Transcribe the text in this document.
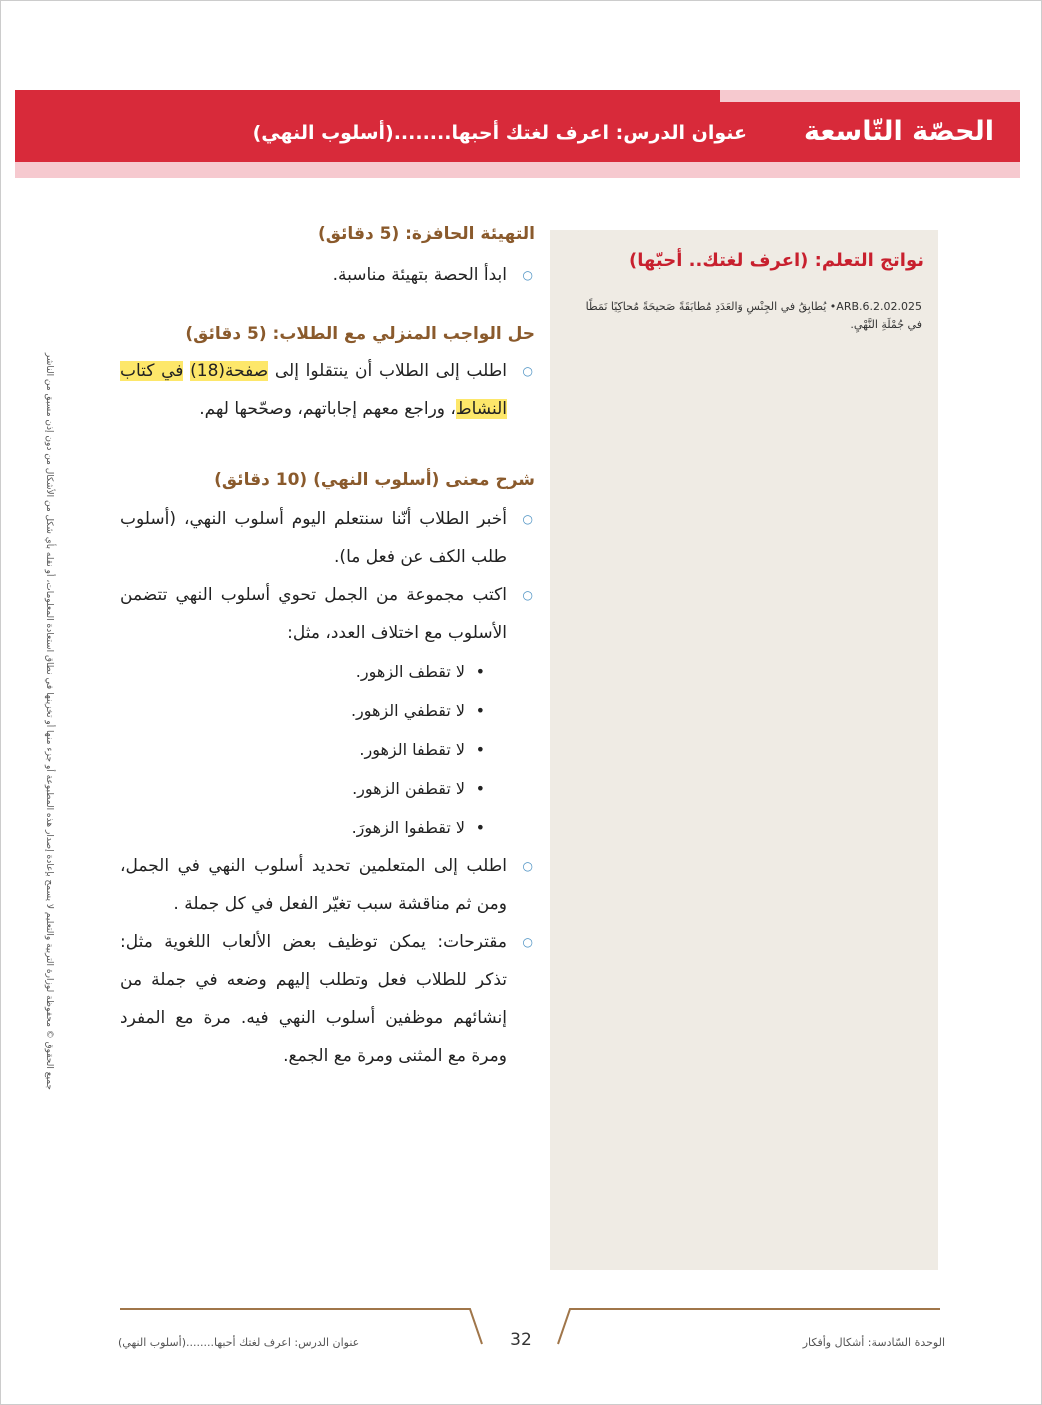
الحصّة التّاسعة
عنوان الدرس: اعرف لغتك أحبها........(أسلوب النهي)
جميع الحقوق © محفوظة لوزارة التربية والتعليم لا يسمح بإعادة إصدار هذه المطبوعة أو جزء منها أو تخزينها في نطاق استعادة المعلومات، أو نقله بأي شكل من الأشكال من دون إذن مسبق من الناشر
نواتج التعلم: (اعرف لغتك.. أحبّها)
ARB.6.2.02.025• يُطابِقُ في الجِنْسِ وَالعَدَدِ مُطابَقَةً صَحيحَةً مُحاكِيًا نَمَطًا في جُمْلَةِ النَّهْيِ.
التهيئة الحافزة: (5 دقائق)
○ ابدأ الحصة بتهيئة مناسبة.
حل الواجب المنزلي مع الطلاب: (5 دقائق)
○ اطلب إلى الطلاب أن ينتقلوا إلى صفحة(18) في كتاب النشاط، وراجع معهم إجاباتهم، وصحّحها لهم.
شرح معنى (أسلوب النهي) (10 دقائق)
○ أخبر الطلاب أنّنا سنتعلم اليوم أسلوب النهي، (أسلوب طلب الكف عن فعل ما).
○ اكتب مجموعة من الجمل تحوي أسلوب النهي تتضمن الأسلوب مع اختلاف العدد، مثل:
• لا تقطف الزهور.
• لا تقطفي الزهور.
• لا تقطفا الزهور.
• لا تقطفن الزهور.
• لا تقطفوا الزهورَ.
○ اطلب إلى المتعلمين تحديد أسلوب النهي في الجمل، ومن ثم مناقشة سبب تغيّر الفعل في كل جملة .
○ مقترحات: يمكن توظيف بعض الألعاب اللغوية مثل: تذكر للطلاب فعل وتطلب إليهم وضعه في جملة من إنشائهم موظفين أسلوب النهي فيه. مرة مع المفرد ومرة مع المثنى ومرة مع الجمع.
عنوان الدرس: اعرف لغتك أحبها........(أسلوب النهي)	32	الوحدة السّادسة: أشكال وأفكار
